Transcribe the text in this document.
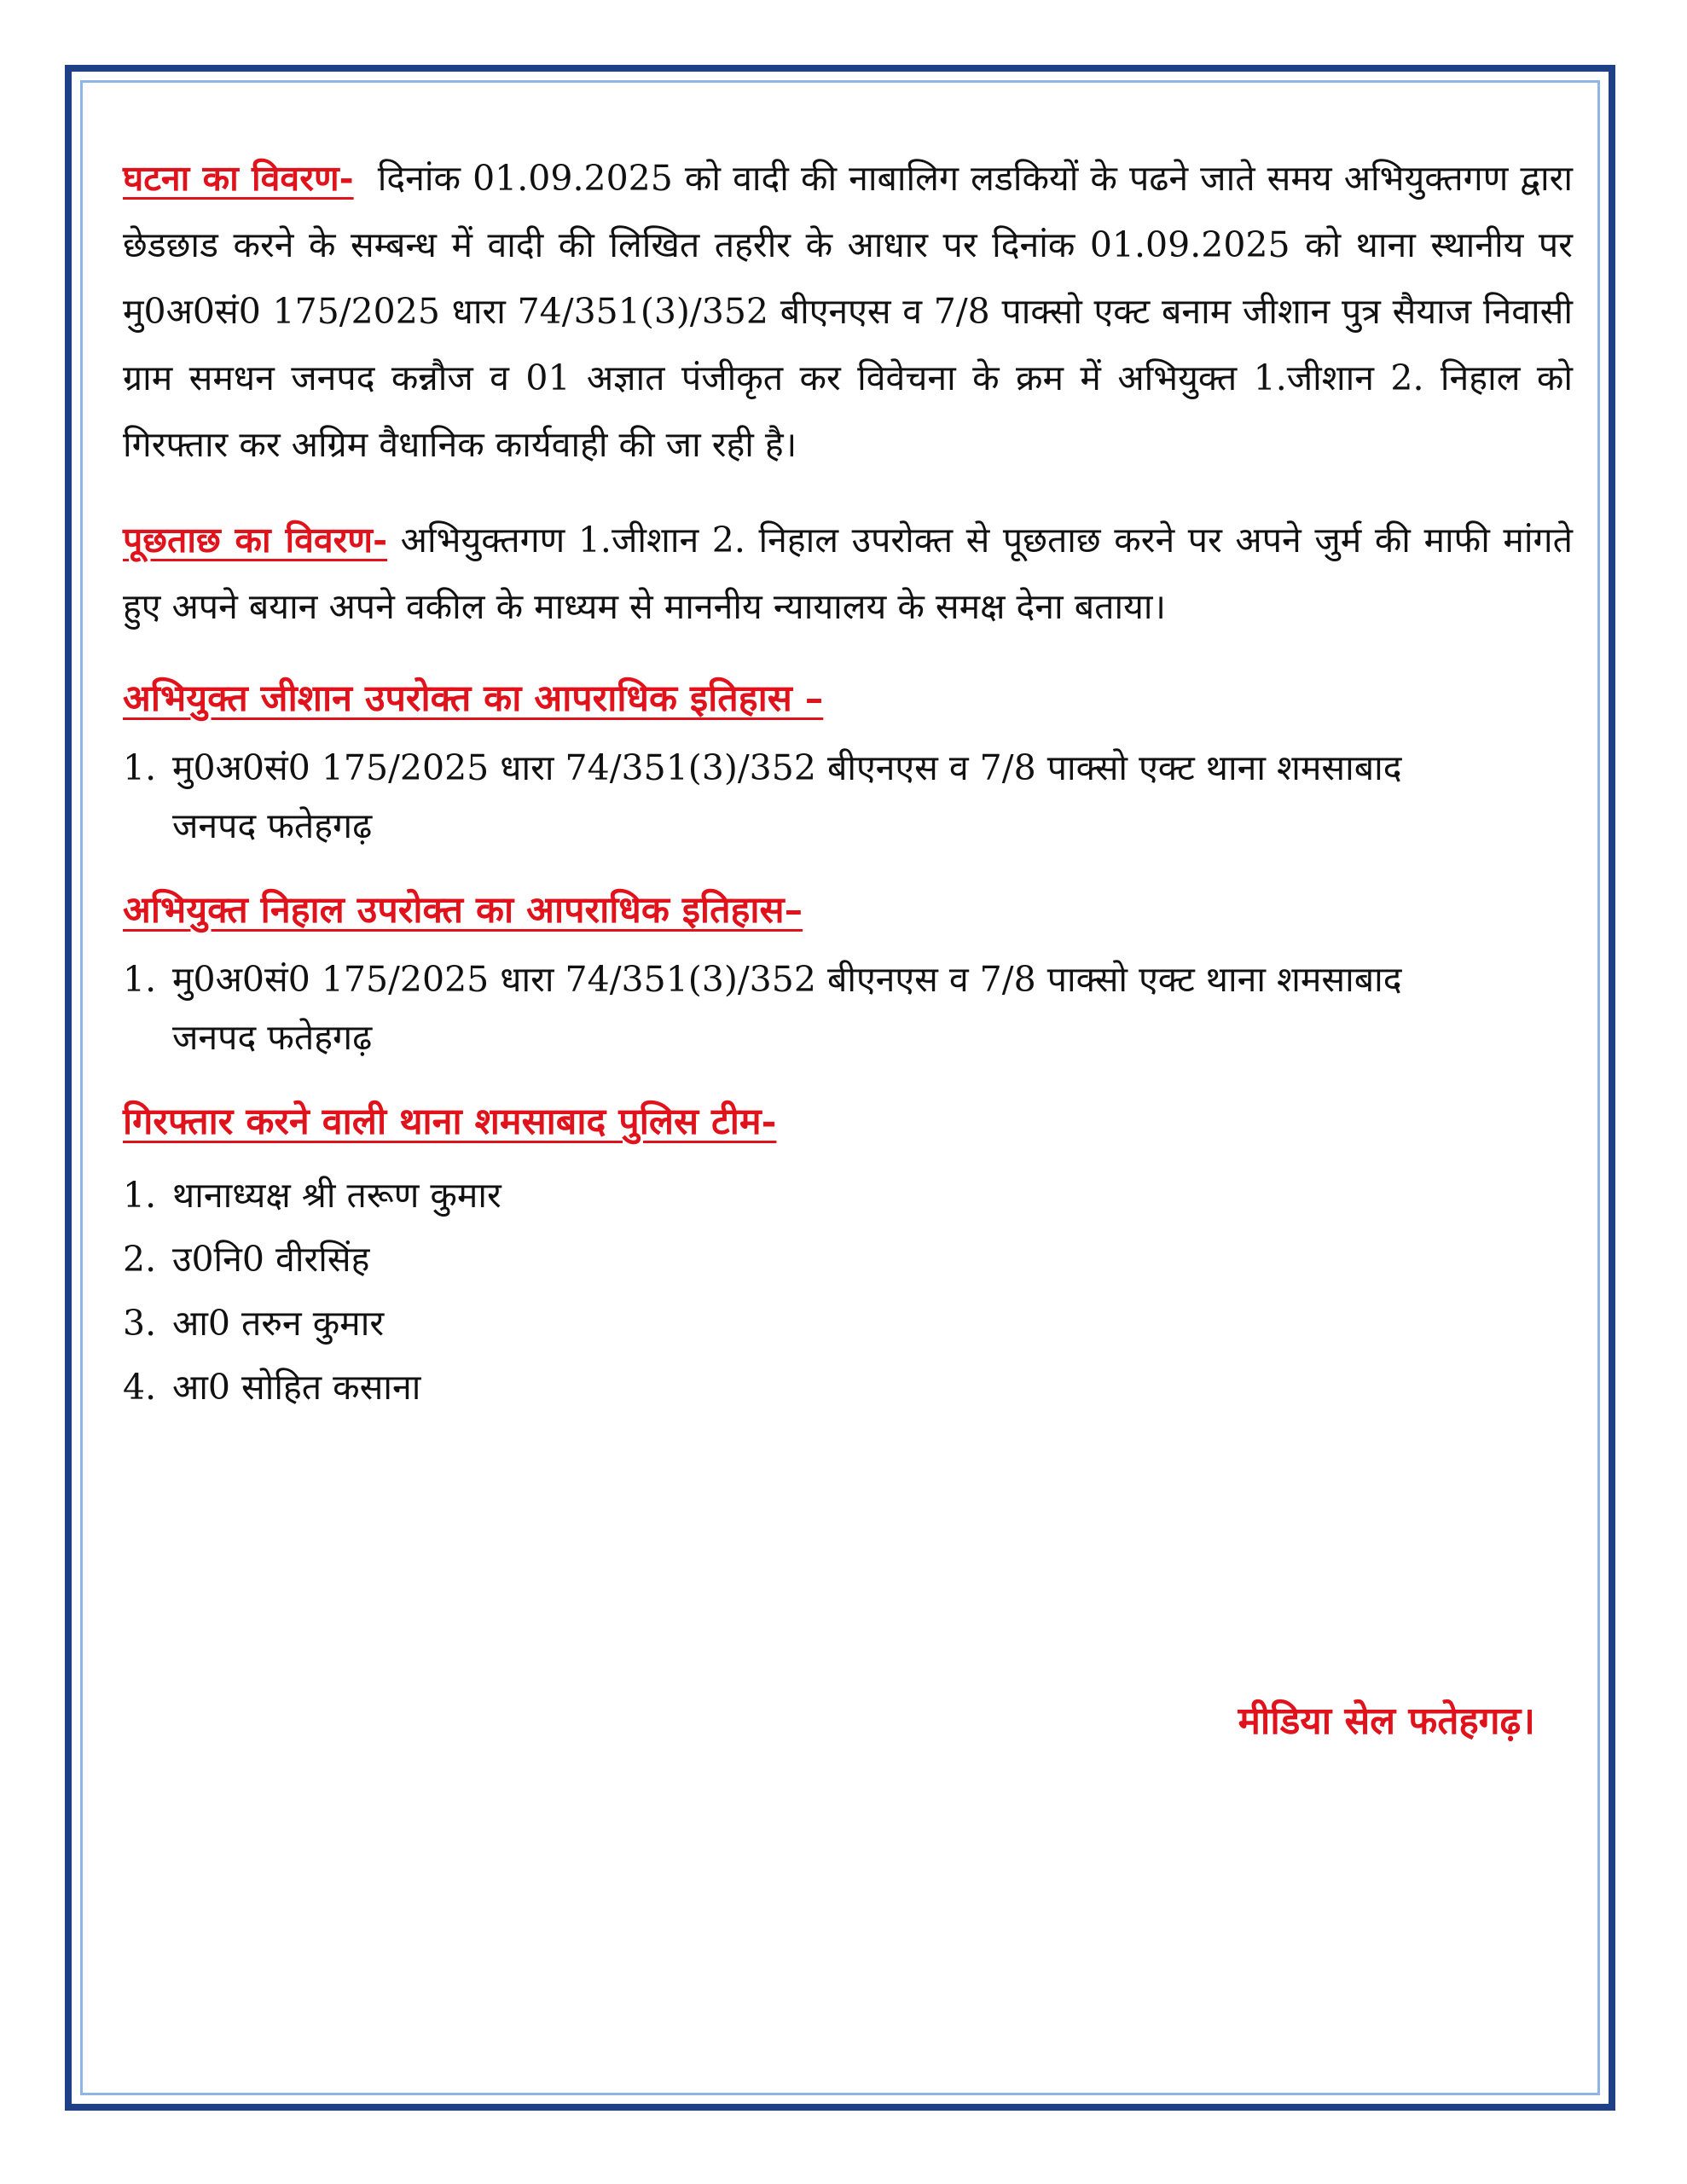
घटना का विवरण- दिनांक 01.09.2025 को वादी की नाबालिग लडकियों के पढने जाते समय अभियुक्तगण द्वारा छेडछाड करने के सम्बन्ध में वादी की लिखित तहरीर के आधार पर दिनांक 01.09.2025 को थाना स्थानीय पर मु0अ0सं0 175/2025 धारा 74/351(3)/352 बीएनएस व 7/8 पाक्सो एक्ट बनाम जीशान पुत्र सैयाज निवासी ग्राम समधन जनपद कन्नौज व 01 अज्ञात पंजीकृत कर विवेचना के क्रम में अभियुक्त 1.जीशान 2. निहाल को गिरफ्तार कर अग्रिम वैधानिक कार्यवाही की जा रही है।

पूछताछ का विवरण- अभियुक्तगण 1.जीशान 2. निहाल उपरोक्त से पूछताछ करने पर अपने जुर्म की माफी मांगते हुए अपने बयान अपने वकील के माध्यम से माननीय न्यायालय के समक्ष देना बताया।

अभियुक्त जीशान उपरोक्त का आपराधिक इतिहास –

1. मु0अ0सं0 175/2025 धारा 74/351(3)/352 बीएनएस व 7/8 पाक्सो एक्ट थाना शमसाबाद जनपद फतेहगढ़

अभियुक्त निहाल उपरोक्त का आपराधिक इतिहास–

1. मु0अ0सं0 175/2025 धारा 74/351(3)/352 बीएनएस व 7/8 पाक्सो एक्ट थाना शमसाबाद जनपद फतेहगढ़

गिरफ्तार करने वाली थाना शमसाबाद पुलिस टीम-

1. थानाध्यक्ष श्री तरूण कुमार
2. उ0नि0 वीरसिंह
3. आ0 तरुन कुमार
4. आ0 सोहित कसाना
मीडिया सेल फतेहगढ़।
